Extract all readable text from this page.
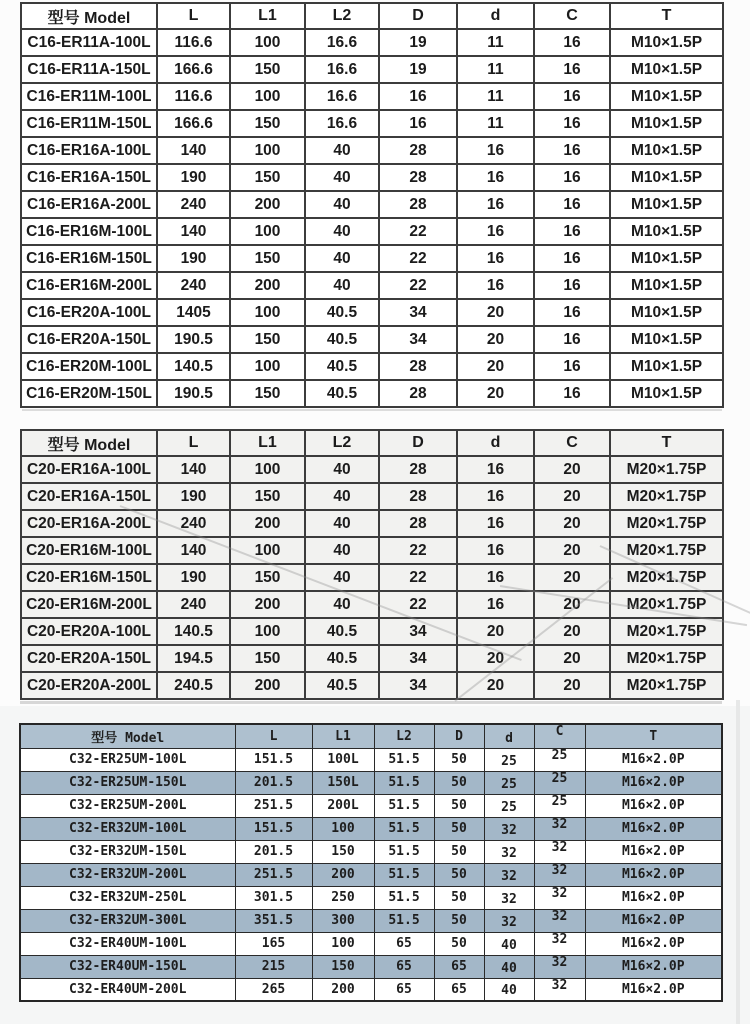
型号 Model	L	L1	L2	D	d	C	T
C16-ER11A-100L	116.6	100	16.6	19	11	16	M10×1.5P
C16-ER11A-150L	166.6	150	16.6	19	11	16	M10×1.5P
C16-ER11M-100L	116.6	100	16.6	16	11	16	M10×1.5P
C16-ER11M-150L	166.6	150	16.6	16	11	16	M10×1.5P
C16-ER16A-100L	140	100	40	28	16	16	M10×1.5P
C16-ER16A-150L	190	150	40	28	16	16	M10×1.5P
C16-ER16A-200L	240	200	40	28	16	16	M10×1.5P
C16-ER16M-100L	140	100	40	22	16	16	M10×1.5P
C16-ER16M-150L	190	150	40	22	16	16	M10×1.5P
C16-ER16M-200L	240	200	40	22	16	16	M10×1.5P
C16-ER20A-100L	1405	100	40.5	34	20	16	M10×1.5P
C16-ER20A-150L	190.5	150	40.5	34	20	16	M10×1.5P
C16-ER20M-100L	140.5	100	40.5	28	20	16	M10×1.5P
C16-ER20M-150L	190.5	150	40.5	28	20	16	M10×1.5P
型号 Model	L	L1	L2	D	d	C	T
C20-ER16A-100L	140	100	40	28	16	20	M20×1.75P
C20-ER16A-150L	190	150	40	28	16	20	M20×1.75P
C20-ER16A-200L	240	200	40	28	16	20	M20×1.75P
C20-ER16M-100L	140	100	40	22	16	20	M20×1.75P
C20-ER16M-150L	190	150	40	22	16	20	M20×1.75P
C20-ER16M-200L	240	200	40	22	16	20	M20×1.75P
C20-ER20A-100L	140.5	100	40.5	34	20	20	M20×1.75P
C20-ER20A-150L	194.5	150	40.5	34	20	20	M20×1.75P
C20-ER20A-200L	240.5	200	40.5	34	20	20	M20×1.75P
型号 Model	L	L1	L2	D	d	C	T
C32-ER25UM-100L	151.5	100L	51.5	50	25	25	M16×2.0P
C32-ER25UM-150L	201.5	150L	51.5	50	25	25	M16×2.0P
C32-ER25UM-200L	251.5	200L	51.5	50	25	25	M16×2.0P
C32-ER32UM-100L	151.5	100	51.5	50	32	32	M16×2.0P
C32-ER32UM-150L	201.5	150	51.5	50	32	32	M16×2.0P
C32-ER32UM-200L	251.5	200	51.5	50	32	32	M16×2.0P
C32-ER32UM-250L	301.5	250	51.5	50	32	32	M16×2.0P
C32-ER32UM-300L	351.5	300	51.5	50	32	32	M16×2.0P
C32-ER40UM-100L	165	100	65	50	40	32	M16×2.0P
C32-ER40UM-150L	215	150	65	65	40	32	M16×2.0P
C32-ER40UM-200L	265	200	65	65	40	32	M16×2.0P
